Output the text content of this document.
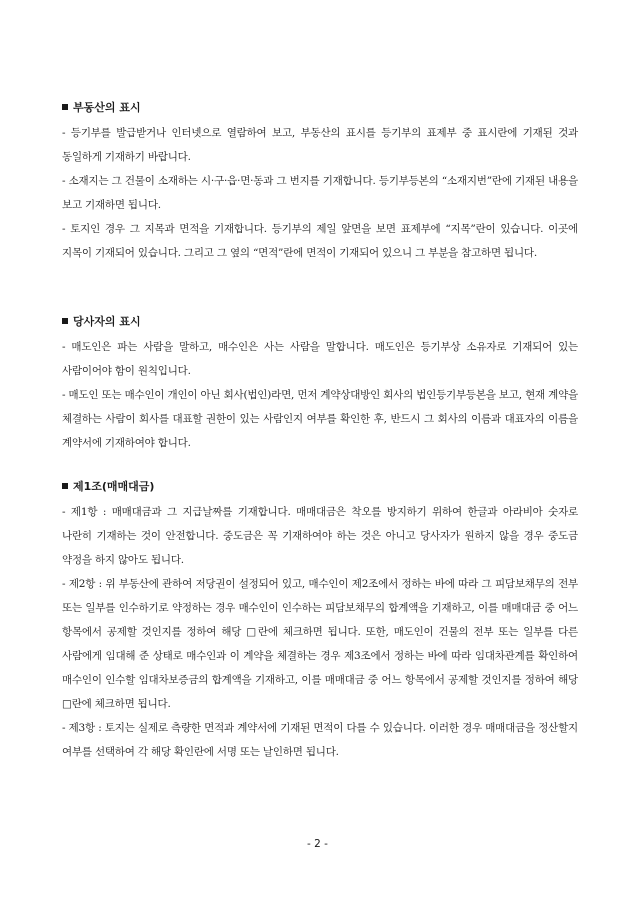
부동산의 표시

- 등기부를 발급받거나 인터넷으로 열람하여 보고, 부동산의 표시를 등기부의 표제부 중 표시란에 기재된 것과 동일하게 기재하기 바랍니다.

- 소재지는 그 건물이 소재하는 시·구·읍·면·동과 그 번지를 기재합니다. 등기부등본의 “소재지번”란에 기재된 내용을 보고 기재하면 됩니다.

- 토지인 경우 그 지목과 면적을 기재합니다. 등기부의 제일 앞면을 보면 표제부에 “지목”란이 있습니다. 이곳에 지목이 기재되어 있습니다. 그리고 그 옆의 “면적”란에 면적이 기재되어 있으니 그 부분을 참고하면 됩니다.

당사자의 표시

- 매도인은 파는 사람을 말하고, 매수인은 사는 사람을 말합니다. 매도인은 등기부상 소유자로 기재되어 있는 사람이어야 함이 원칙입니다.

- 매도인 또는 매수인이 개인이 아닌 회사(법인)라면, 먼저 계약상대방인 회사의 법인등기부등본을 보고, 현재 계약을 체결하는 사람이 회사를 대표할 권한이 있는 사람인지 여부를 확인한 후, 반드시 그 회사의 이름과 대표자의 이름을 계약서에 기재하여야 합니다.

제1조(매매대금)

- 제1항 : 매매대금과 그 지급날짜를 기재합니다. 매매대금은 착오를 방지하기 위하여 한글과 아라비아 숫자로 나란히 기재하는 것이 안전합니다. 중도금은 꼭 기재하여야 하는 것은 아니고 당사자가 원하지 않을 경우 중도금 약정을 하지 않아도 됩니다.

- 제2항 : 위 부동산에 관하여 저당권이 설정되어 있고, 매수인이 제2조에서 정하는 바에 따라 그 피담보채무의 전부 또는 일부를 인수하기로 약정하는 경우 매수인이 인수하는 피담보채무의 합계액을 기재하고, 이를 매매대금 중 어느 항목에서 공제할 것인지를 정하여 해당 □란에 체크하면 됩니다. 또한, 매도인이 건물의 전부 또는 일부를 다른 사람에게 임대해 준 상태로 매수인과 이 계약을 체결하는 경우 제3조에서 정하는 바에 따라 임대차관계를 확인하여 매수인이 인수할 임대차보증금의 합계액을 기재하고, 이를 매매대금 중 어느 항목에서 공제할 것인지를 정하여 해당 □란에 체크하면 됩니다.

- 제3항 : 토지는 실제로 측량한 면적과 계약서에 기재된 면적이 다를 수 있습니다. 이러한 경우 매매대금을 정산할지 여부를 선택하여 각 해당 확인란에 서명 또는 날인하면 됩니다.

- 2 -
